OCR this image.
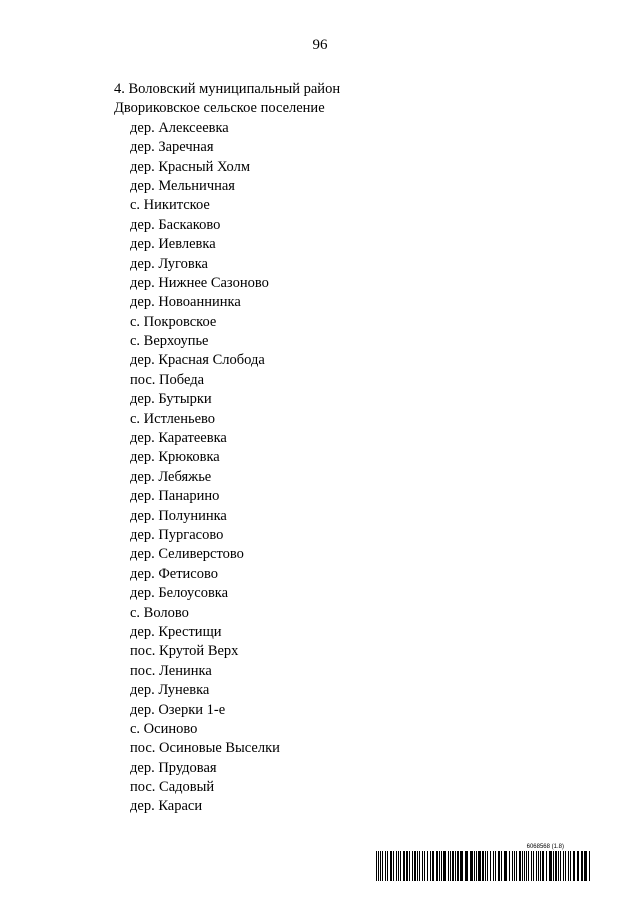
96
4. Воловский муниципальный район
Двориковское сельское поселение
дер. Алексеевка
дер. Заречная
дер. Красный Холм
дер. Мельничная
с. Никитское
дер. Баскаково
дер. Иевлевка
дер. Луговка
дер. Нижнее Сазоново
дер. Новоаннинка
с. Покровское
с. Верхоупье
дер. Красная Слобода
пос. Победа
дер. Бутырки
с. Истленьево
дер. Каратеевка
дер. Крюковка
дер. Лебяжье
дер. Панарино
дер. Полунинка
дер. Пургасово
дер. Селиверстово
дер. Фетисово
дер. Белоусовка
с. Волово
дер. Крестищи
пос. Крутой Верх
пос. Ленинка
дер. Луневка
дер. Озерки 1-е
с. Осиново
пос. Осиновые Выселки
дер. Прудовая
пос. Садовый
дер. Караси
6068568 (1.8)
